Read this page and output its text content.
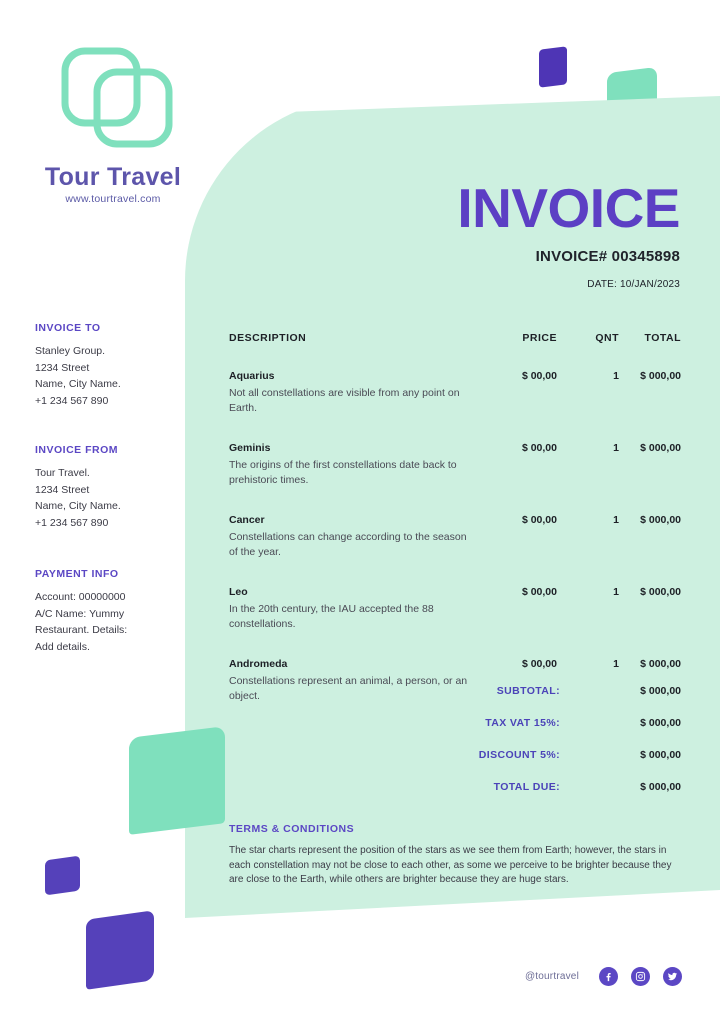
Tour Travel
www.tourtravel.com	INVOICE
INVOICE# 00345898
DATE: 10/JAN/2023
INVOICE TO
Stanley Group.
1234 Street
Name, City Name.
+1 234 567 890
INVOICE FROM
Tour Travel.
1234 Street
Name, City Name.
+1 234 567 890
PAYMENT INFO
Account: 00000000
A/C Name: Yummy
Restaurant. Details:
Add details.
DESCRIPTION	PRICE	QNT	TOTAL
Aquarius
Not all constellations are visible from any point on Earth.
$ 00,00	1	$ 000,00
Geminis
The origins of the first constellations date back to prehistoric times.
$ 00,00	1	$ 000,00
Cancer
Constellations can change according to the season of the year.
$ 00,00	1	$ 000,00
Leo
In the 20th century, the IAU accepted the 88 constellations.
$ 00,00	1	$ 000,00
Andromeda
Constellations represent an animal, a person, or an object.
$ 00,00	1	$ 000,00
SUBTOTAL:	$ 000,00
TAX VAT 15%:	$ 000,00
DISCOUNT 5%:	$ 000,00
TOTAL DUE:	$ 000,00
TERMS & CONDITIONS
The star charts represent the position of the stars as we see them from Earth; however, the stars in each constellation may not be close to each other, as some we perceive to be brighter because they are close to the Earth, while others are brighter because they are huge stars.
@tourtravel
